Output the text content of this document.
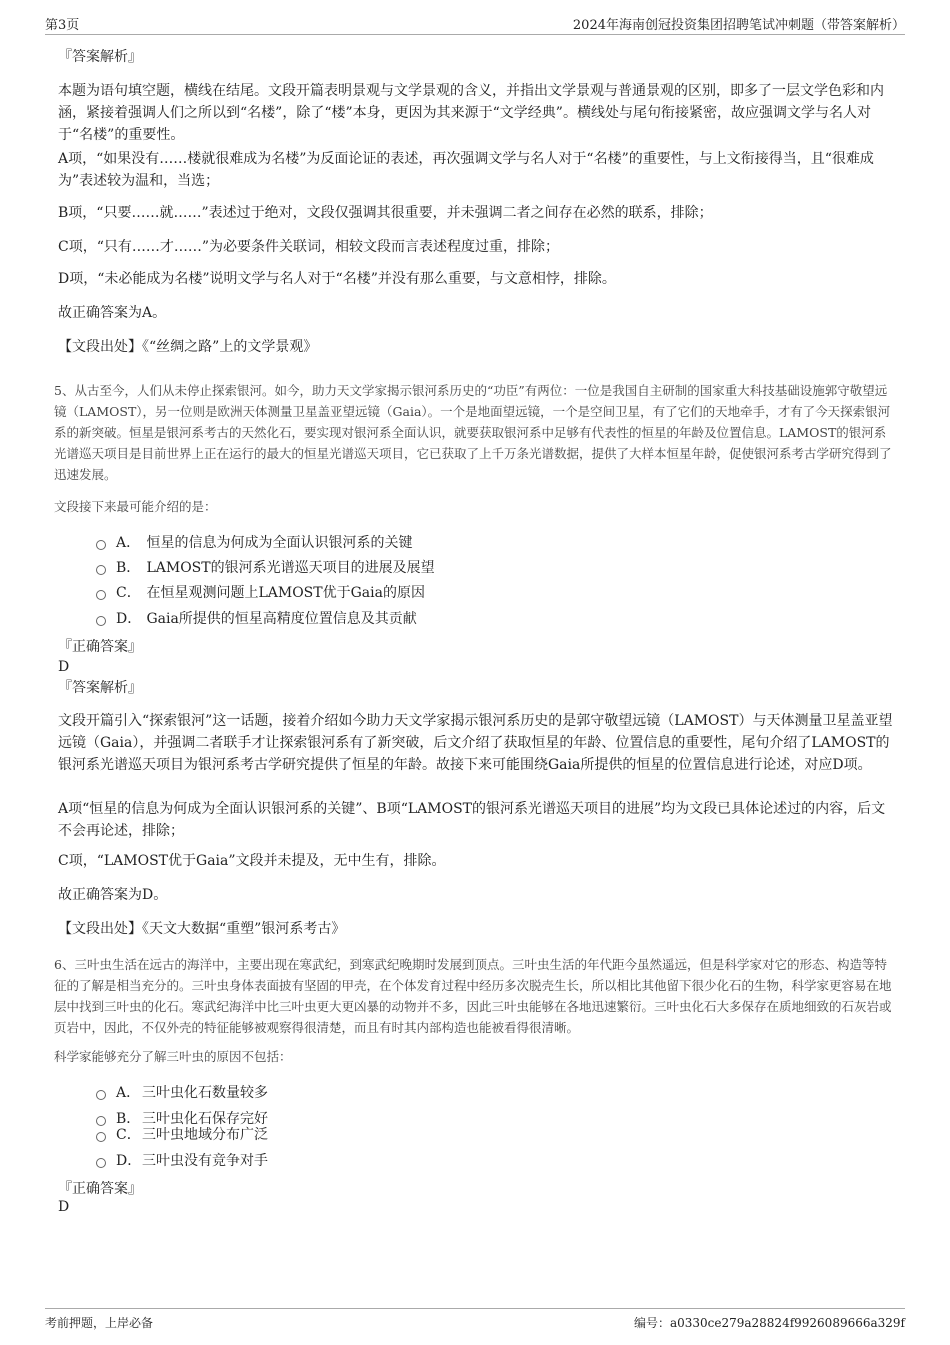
第3页	2024年海南创冠投资集团招聘笔试冲刺题（带答案解析）
『答案解析』
本题为语句填空题，横线在结尾。文段开篇表明景观与文学景观的含义，并指出文学景观与普通景观的区别，即多了一层文学色彩和内涵，紧接着强调人们之所以到“名楼”，除了“楼”本身，更因为其来源于“文学经典”。横线处与尾句衔接紧密，故应强调文学与名人对于“名楼”的重要性。
A项，“如果没有……楼就很难成为名楼”为反面论证的表述，再次强调文学与名人对于“名楼”的重要性，与上文衔接得当，且“很难成为”表述较为温和，当选；
B项，“只要……就……”表述过于绝对，文段仅强调其很重要，并未强调二者之间存在必然的联系，排除；
C项，“只有……才……”为必要条件关联词，相较文段而言表述程度过重，排除；
D项，“未必能成为名楼”说明文学与名人对于“名楼”并没有那么重要，与文意相悖，排除。
故正确答案为A。
【文段出处】《“丝绸之路”上的文学景观》
5、从古至今，人们从未停止探索银河。如今，助力天文学家揭示银河系历史的“功臣”有两位：一位是我国自主研制的国家重大科技基础设施郭守敬望远镜（LAMOST），另一位则是欧洲天体测量卫星盖亚望远镜（Gaia）。一个是地面望远镜，一个是空间卫星，有了它们的天地牵手，才有了今天探索银河系的新突破。恒星是银河系考古的天然化石，要实现对银河系全面认识，就要获取银河系中足够有代表性的恒星的年龄及位置信息。LAMOST的银河系光谱巡天项目是目前世界上正在运行的最大的恒星光谱巡天项目，它已获取了上千万条光谱数据，提供了大样本恒星年龄，促使银河系考古学研究得到了迅速发展。
文段接下来最可能介绍的是：
A． 恒星的信息为何成为全面认识银河系的关键
B． LAMOST的银河系光谱巡天项目的进展及展望
C． 在恒星观测问题上LAMOST优于Gaia的原因
D． Gaia所提供的恒星高精度位置信息及其贡献
『正确答案』
D
『答案解析』
文段开篇引入“探索银河”这一话题，接着介绍如今助力天文学家揭示银河系历史的是郭守敬望远镜（LAMOST）与天体测量卫星盖亚望远镜（Gaia），并强调二者联手才让探索银河系有了新突破，后文介绍了获取恒星的年龄、位置信息的重要性，尾句介绍了LAMOST的银河系光谱巡天项目为银河系考古学研究提供了恒星的年龄。故接下来可能围绕Gaia所提供的恒星的位置信息进行论述，对应D项。
A项“恒星的信息为何成为全面认识银河系的关键”、B项“LAMOST的银河系光谱巡天项目的进展”均为文段已具体论述过的内容，后文不会再论述，排除；
C项，“LAMOST优于Gaia”文段并未提及，无中生有，排除。
故正确答案为D。
【文段出处】《天文大数据“重塑”银河系考古》
6、三叶虫生活在远古的海洋中，主要出现在寒武纪，到寒武纪晚期时发展到顶点。三叶虫生活的年代距今虽然遥远，但是科学家对它的形态、构造等特征的了解是相当充分的。三叶虫身体表面披有坚固的甲壳，在个体发育过程中经历多次脱壳生长，所以相比其他留下很少化石的生物，科学家更容易在地层中找到三叶虫的化石。寒武纪海洋中比三叶虫更大更凶暴的动物并不多，因此三叶虫能够在各地迅速繁衍。三叶虫化石大多保存在质地细致的石灰岩或页岩中，因此，不仅外壳的特征能够被观察得很清楚，而且有时其内部构造也能被看得很清晰。
科学家能够充分了解三叶虫的原因不包括：
A． 三叶虫化石数量较多
B． 三叶虫化石保存完好
C．三叶虫地域分布广泛
D．三叶虫没有竞争对手
『正确答案』
D
考前押题，上岸必备	编号：a0330ce279a28824f9926089666a329f
